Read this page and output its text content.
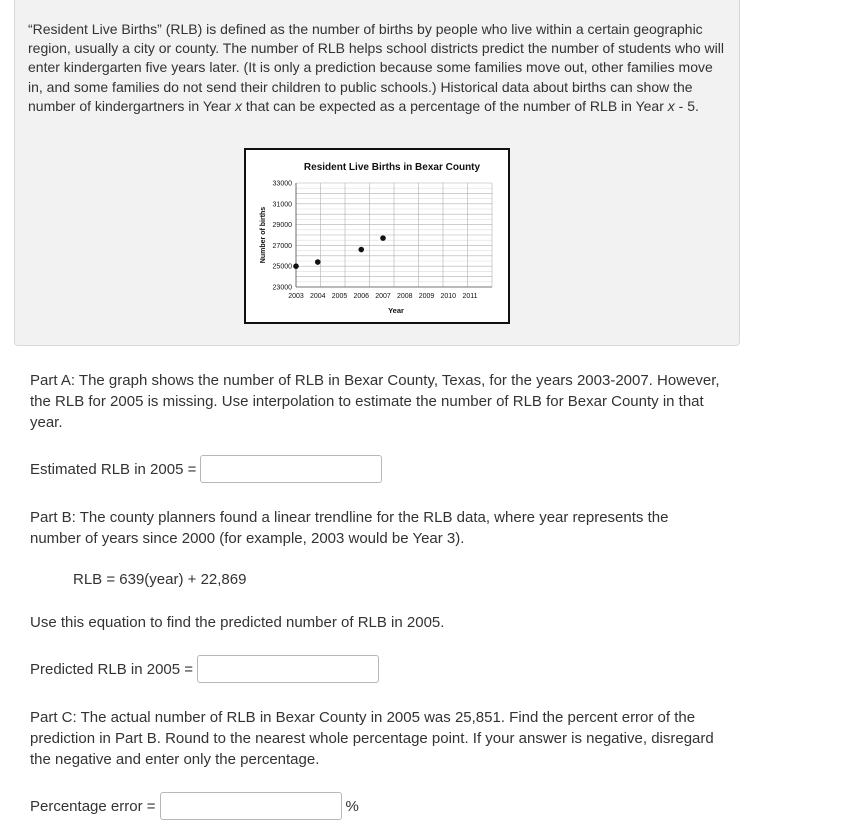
“Resident Live Births” (RLB) is defined as the number of births by people who live within a certain geographic region, usually a city or county. The number of RLB helps school districts predict the number of students who will enter kindergarten five years later. (It is only a prediction because some families move out, other families move in, and some families do not send their children to public schools.) Historical data about births can show the number of kindergartners in Year x that can be expected as a percentage of the number of RLB in Year x - 5.

Resident Live Births in Bexar County
Number of births
Year
33000
31000
29000
27000
25000
23000
2003 2004 2005 2006 2007 2008 2009 2010 2011

Part A: The graph shows the number of RLB in Bexar County, Texas, for the years 2003-2007. However, the RLB for 2005 is missing. Use interpolation to estimate the number of RLB for Bexar County in that year.

Estimated RLB in 2005 =

Part B: The county planners found a linear trendline for the RLB data, where year represents the number of years since 2000 (for example, 2003 would be Year 3).

RLB = 639(year) + 22,869

Use this equation to find the predicted number of RLB in 2005.

Predicted RLB in 2005 =

Part C: The actual number of RLB in Bexar County in 2005 was 25,851. Find the percent error of the prediction in Part B. Round to the nearest whole percentage point. If your answer is negative, disregard the negative and enter only the percentage.

Percentage error =	%
